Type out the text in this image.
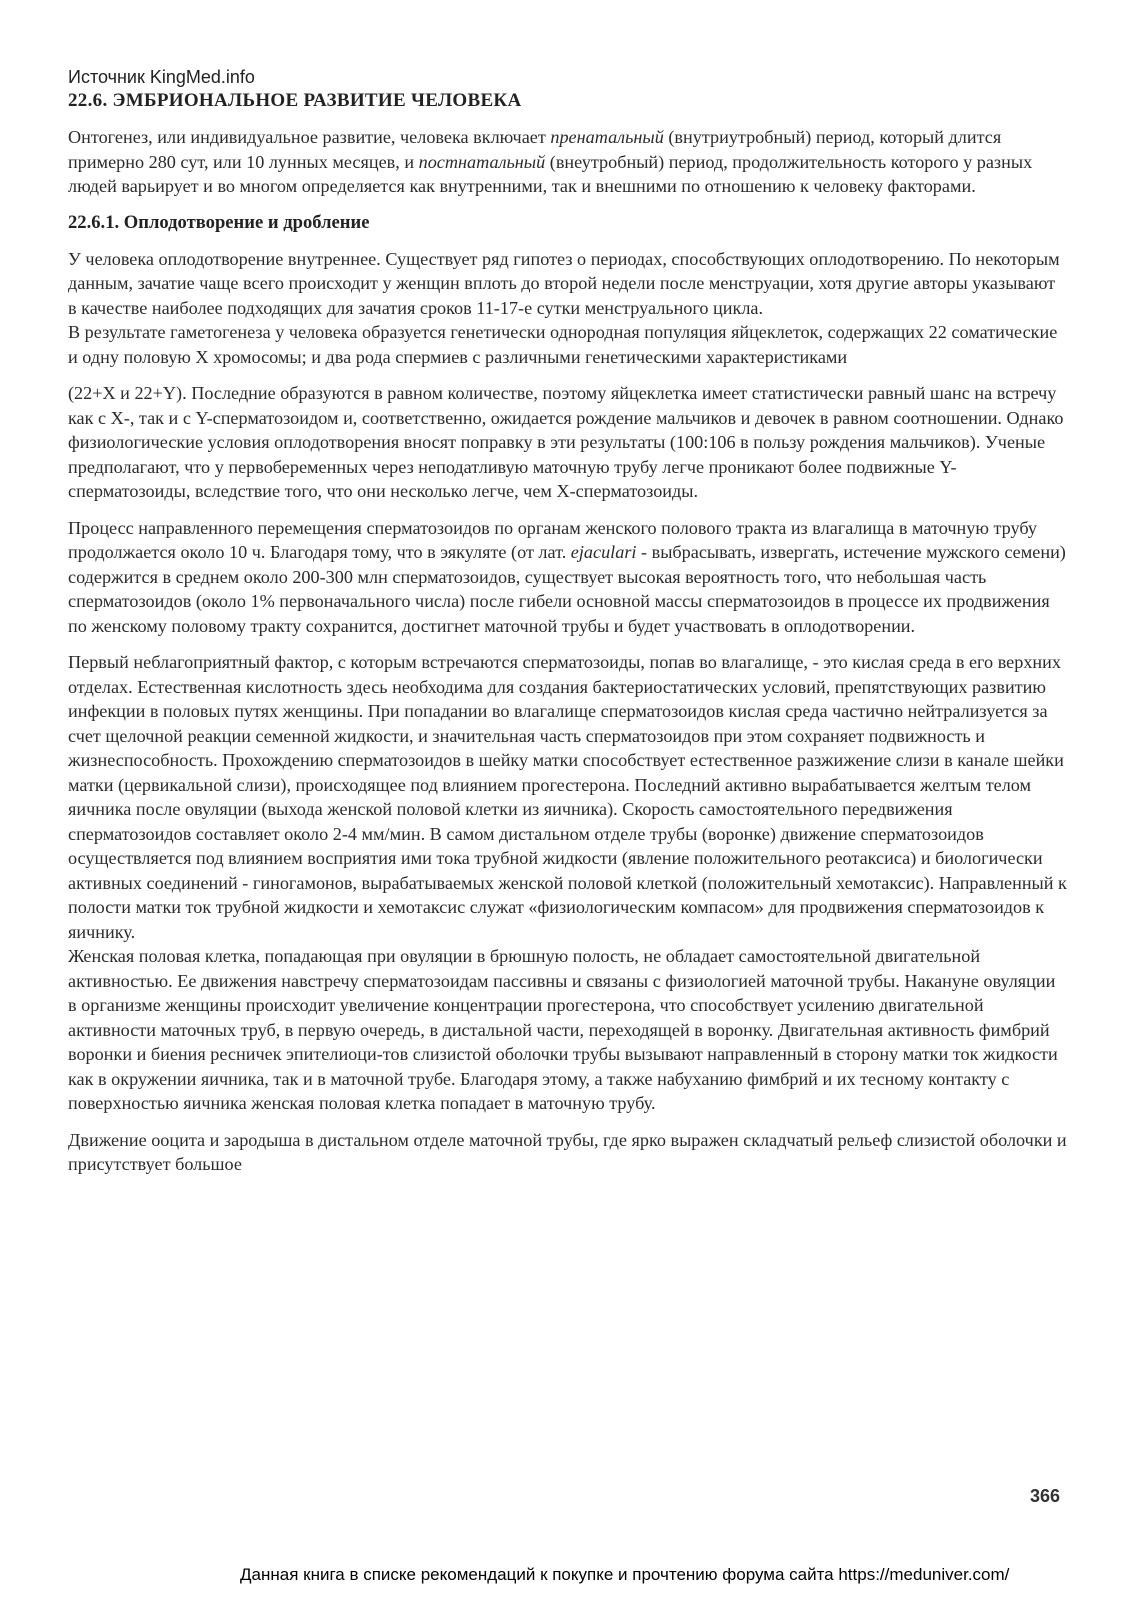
Источник KingMed.info
22.6. ЭМБРИОНАЛЬНОЕ РАЗВИТИЕ ЧЕЛОВЕКА

Онтогенез, или индивидуальное развитие, человека включает пренатальный (внутриутробный) период, который длится примерно 280 сут, или 10 лунных месяцев, и постнатальный (внеутробный) период, продолжительность которого у разных людей варьирует и во многом определяется как внутренними, так и внешними по отношению к человеку факторами.

22.6.1. Оплодотворение и дробление

У человека оплодотворение внутреннее. Существует ряд гипотез о периодах, способствующих оплодотворению. По некоторым данным, зачатие чаще всего происходит у женщин вплоть до второй недели после менструации, хотя другие авторы указывают в качестве наиболее подходящих для зачатия сроков 11-17-е сутки менструального цикла.

В результате гаметогенеза у человека образуется генетически однородная популяция яйцеклеток, содержащих 22 соматические и одну половую X хромосомы; и два рода спермиев с различными генетическими характеристиками

(22+X и 22+Y). Последние образуются в равном количестве, поэтому яйцеклетка имеет статистически равный шанс на встречу как с X-, так и с Y-сперматозоидом и, соответственно, ожидается рождение мальчиков и девочек в равном соотношении. Однако физиологические условия оплодотворения вносят поправку в эти результаты (100:106 в пользу рождения мальчиков). Ученые предполагают, что у первобеременных через неподатливую маточную трубу легче проникают более подвижные Y-сперматозоиды, вследствие того, что они несколько легче, чем X-сперматозоиды.

Процесс направленного перемещения сперматозоидов по органам женского полового тракта из влагалища в маточную трубу продолжается около 10 ч. Благодаря тому, что в эякуляте (от лат. ejaculari - выбрасывать, извергать, истечение мужского семени) содержится в среднем около 200-300 млн сперматозоидов, существует высокая вероятность того, что небольшая часть сперматозоидов (около 1% первоначального числа) после гибели основной массы сперматозоидов в процессе их продвижения по женскому половому тракту сохранится, достигнет маточной трубы и будет участвовать в оплодотворении.

Первый неблагоприятный фактор, с которым встречаются сперматозоиды, попав во влагалище, - это кислая среда в его верхних отделах. Естественная кислотность здесь необходима для создания бактериостатических условий, препятствующих развитию инфекции в половых путях женщины. При попадании во влагалище сперматозоидов кислая среда частично нейтрализуется за счет щелочной реакции семенной жидкости, и значительная часть сперматозоидов при этом сохраняет подвижность и жизнеспособность. Прохождению сперматозоидов в шейку матки способствует естественное разжижение слизи в канале шейки матки (цервикальной слизи), происходящее под влиянием прогестерона. Последний активно вырабатывается желтым телом яичника после овуляции (выхода женской половой клетки из яичника). Скорость самостоятельного передвижения сперматозоидов составляет около 2-4 мм/мин. В самом дистальном отделе трубы (воронке) движение сперматозоидов осуществляется под влиянием восприятия ими тока трубной жидкости (явление положительного реотаксиса) и биологически активных соединений - гиногамонов, вырабатываемых женской половой клеткой (положительный хемотаксис). Направленный к полости матки ток трубной жидкости и хемотаксис служат «физиологическим компасом» для продвижения сперматозоидов к яичнику.

Женская половая клетка, попадающая при овуляции в брюшную полость, не обладает самостоятельной двигательной активностью. Ее движения навстречу сперматозоидам пассивны и связаны с физиологией маточной трубы. Накануне овуляции в организме женщины происходит увеличение концентрации прогестерона, что способствует усилению двигательной активности маточных труб, в первую очередь, в дистальной части, переходящей в воронку. Двигательная активность фимбрий воронки и биения ресничек эпителиоци-тов слизистой оболочки трубы вызывают направленный в сторону матки ток жидкости как в окружении яичника, так и в маточной трубе. Благодаря этому, а также набуханию фимбрий и их тесному контакту с поверхностью яичника женская половая клетка попадает в маточную трубу.

Движение ооцита и зародыша в дистальном отделе маточной трубы, где ярко выражен складчатый рельеф слизистой оболочки и присутствует большое

366
Данная книга в списке рекомендаций к покупке и прочтению форума сайта https://meduniver.com/
